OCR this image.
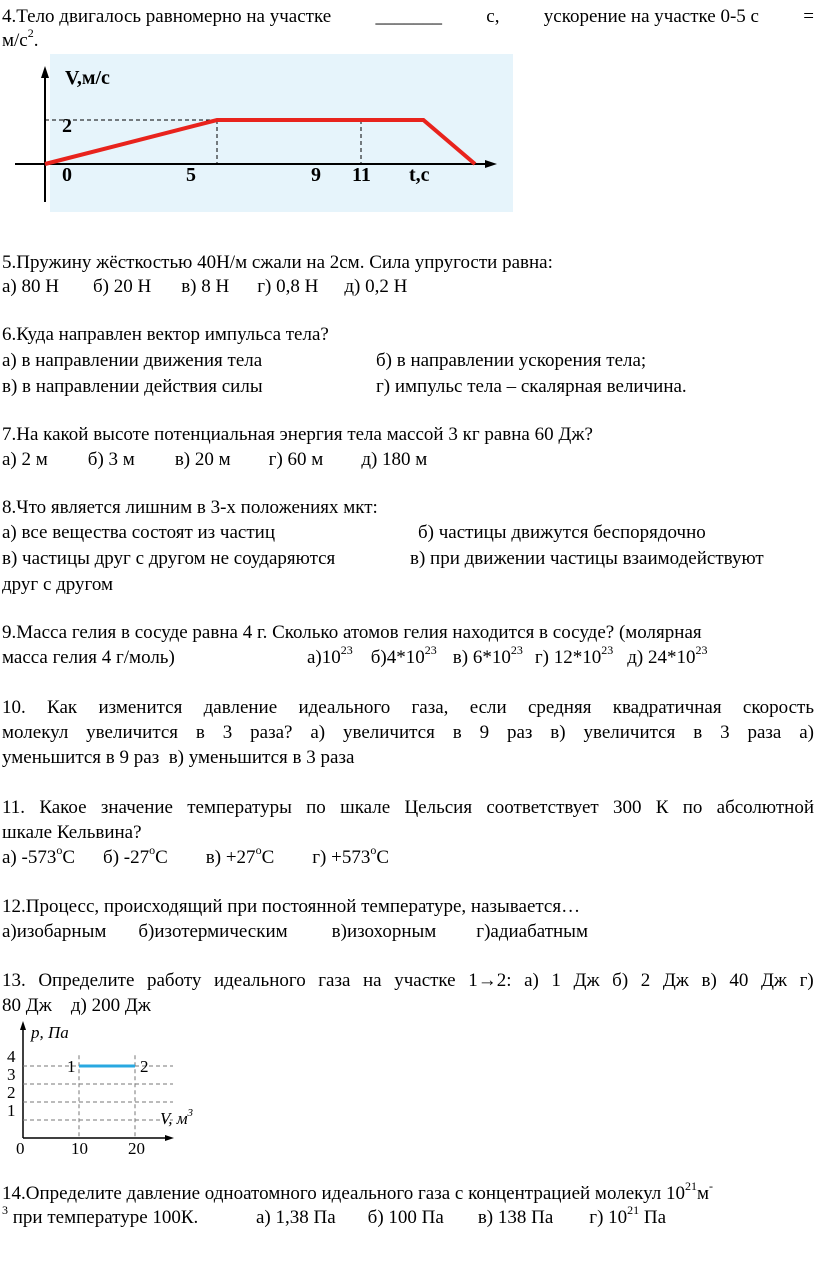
4.Тело двигалось равномерно на участке _______ с, ускорение на участке 0-5 с =
$м/с^2$.
V,м/с
2
0	5	9 11 t,c
5.Пружину жёсткостью 40Н/м сжали на 2см. Сила упругости равна:
а) 80 Н б) 20 Н в) 8 Н г) 0,8 Н д) 0,2 Н
6.Куда направлен вектор импульса тела?
а) в направлении движения тела	б) в направлении ускорения тела;
в) в направлении действия силы	г) импульс тела – скалярная величина.
7.На какой высоте потенциальная энергия тела массой 3 кг равна 60 Дж?
а) 2 м б) 3 м в) 20 м г) 60 м д) 180 м
8.Что является лишним в 3-х положениях мкт:
а) все вещества состоят из частиц	б) частицы движутся беспорядочно
в) частицы друг с другом не соударяются	в) при движении частицы взаимодействуют
друг с другом
9.Масса гелия в сосуде равна 4 г. Сколько атомов гелия находится в сосуде? (молярная
масса гелия 4 г/моль)	$а)10^{23}$ $б)4*10^{23}$ в) $6*10^{23}$ г) $12*10^{23}$ д) $24*10^{23}$
10. Как изменится давление идеального газа, если средняя квадратичная скорость
молекул увеличится в 3 раза? а) увеличится в 9 раз в) увеличится в 3 раза а)
уменьшится в 9 раз  в) уменьшится в 3 раза
11. Какое значение температуры по шкале Цельсия соответствует 300 К по абсолютной
шкале Кельвина?
а) $-573^оС$ б) $-27^оС$ $в) +27^оС$ $г) +573^оС$
12.Процесс, происходящий при постоянной температуре, называется…
а)изобарным б)изотермическим в)изохорным г)адиабатным
13. Определите работу идеального газа на участке 1→2: а) 1 Дж б) 2 Дж в) 40 Дж г)
80 Дж    д) 200 Дж
p, Па
V, $м^3$
1
2
3
4
0	10 20
1	2
14.Определите давление одноатомного идеального газа с концентрацией молекул $10^{21}м^-$
$^3$ при температуре 100К.	а) 1,38 Па б) 100 Па в) 138 Па г) $10^{21}$ Па
